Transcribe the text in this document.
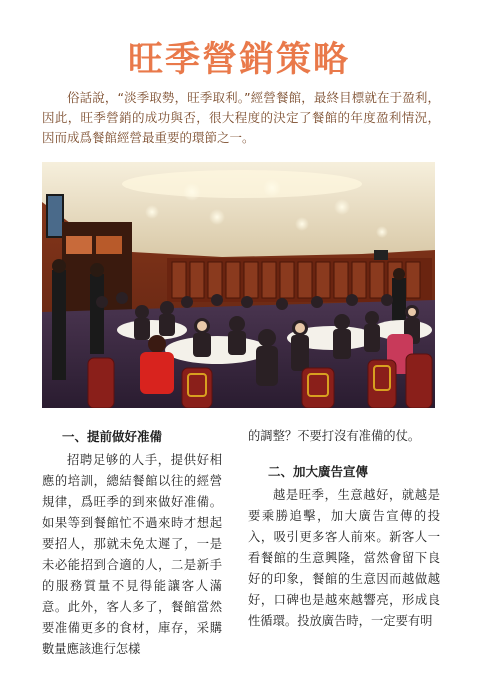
旺季營銷策略

俗話說，“淡季取勢，旺季取利。”經營餐館，最終目標就在于盈利，因此，旺季營銷的成功與否，很大程度的決定了餐館的年度盈利情況，因而成爲餐館經營最重要的環節之一。

一、提前做好准備

招聘足够的人手，提供好相應的培訓，總結餐館以往的經營規律，爲旺季的到來做好准備。如果等到餐館忙不過來時才想起要招人，那就未免太遲了，一是未必能招到合適的人，二是新手的服務質量不見得能讓客人滿意。此外，客人多了，餐館當然要准備更多的食材，庫存，采購數量應該進行怎樣

的調整？不要打沒有准備的仗。

二、加大廣告宣傳

越是旺季，生意越好，就越是要乘勝追擊，加大廣告宣傳的投入，吸引更多客人前來。新客人一看餐館的生意興隆，當然會留下良好的印象，餐館的生意因而越做越好，口碑也是越來越響亮，形成良性循環。投放廣告時，一定要有明
